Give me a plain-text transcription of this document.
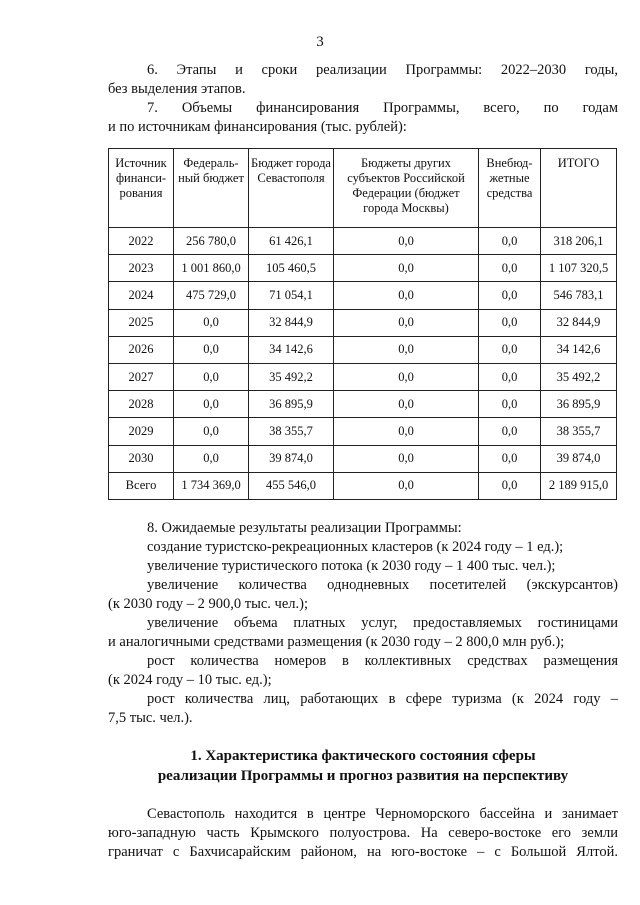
3
6. Этапы и сроки реализации Программы: 2022–2030 годы,
без выделения этапов.
7. Объемы финансирования Программы, всего, по годам
и по источникам финансирования (тыс. рублей):
Источник финанси-рования	Федераль-ный бюджет	Бюджет города Севастополя	Бюджеты других субъектов Российской Федерации (бюджет города Москвы)	Внебюд-жетные средства	ИТОГО
2022	256 780,0	61 426,1	0,0	0,0	318 206,1
2023	1 001 860,0	105 460,5	0,0	0,0	1 107 320,5
2024	475 729,0	71 054,1	0,0	0,0	546 783,1
2025	0,0	32 844,9	0,0	0,0	32 844,9
2026	0,0	34 142,6	0,0	0,0	34 142,6
2027	0,0	35 492,2	0,0	0,0	35 492,2
2028	0,0	36 895,9	0,0	0,0	36 895,9
2029	0,0	38 355,7	0,0	0,0	38 355,7
2030	0,0	39 874,0	0,0	0,0	39 874,0
Всего	1 734 369,0	455 546,0	0,0	0,0	2 189 915,0
8. Ожидаемые результаты реализации Программы:
создание туристско-рекреационных кластеров (к 2024 году – 1 ед.);
увеличение туристического потока (к 2030 году – 1 400 тыс. чел.);
увеличение количества однодневных посетителей (экскурсантов)
(к 2030 году – 2 900,0 тыс. чел.);
увеличение объема платных услуг, предоставляемых гостиницами
и аналогичными средствами размещения (к 2030 году – 2 800,0 млн руб.);
рост количества номеров в коллективных средствах размещения
(к 2024 году – 10 тыс. ед.);
рост количества лиц, работающих в сфере туризма (к 2024 году –
7,5 тыс. чел.).
1. Характеристика фактического состояния сферы
реализации Программы и прогноз развития на перспективу
Севастополь находится в центре Черноморского бассейна и занимает
юго-западную часть Крымского полуострова. На северо-востоке его земли
граничат с Бахчисарайским районом, на юго-востоке – с Большой Ялтой.
